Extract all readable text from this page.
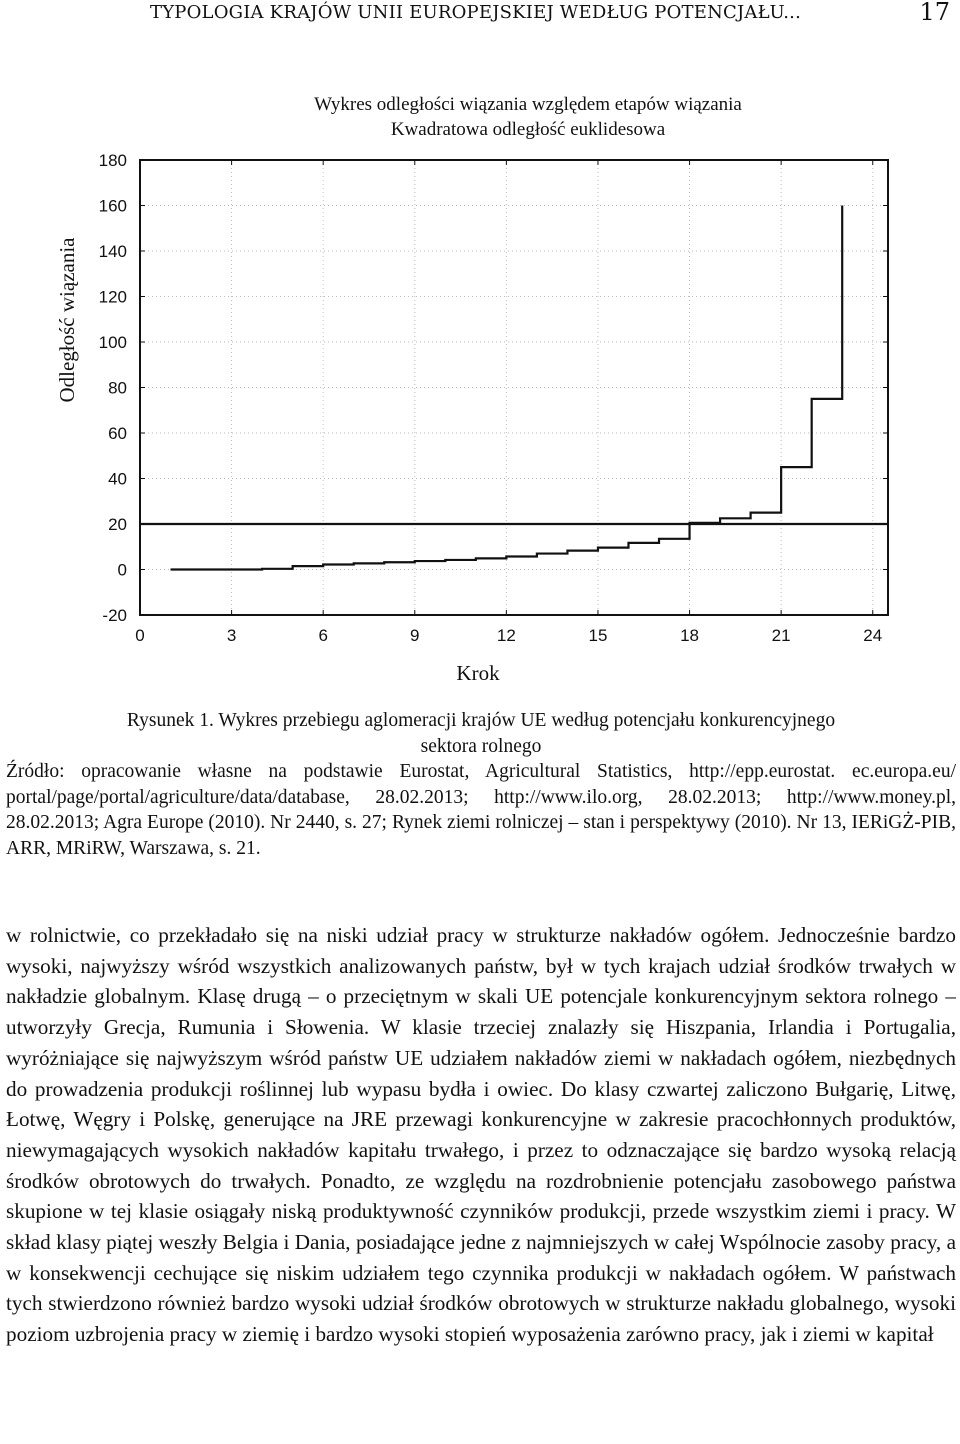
TYPOLOGIA KRAJÓW UNII EUROPEJSKIEJ WEDŁUG POTENCJAŁU...	17
Wykres odległości wiązania względem etapów wiązania
Kwadratowa odległość euklidesowa
180
160
140
120
100
80
60
40
20
0
-20
0	3	6	9	12	15	18	21	24
Krok
Odległość wiązania
Rysunek 1. Wykres przebiegu aglomeracji krajów UE według potencjału konkurencyjnego
sektora rolnego
Źródło: opracowanie własne na podstawie Eurostat, Agricultural Statistics, http://epp.eurostat. ec.europa.eu/ portal/page/portal/agriculture/data/database, 28.02.2013; http://www.ilo.org, 28.02.2013; http://www.money.pl, 28.02.2013; Agra Europe (2010). Nr 2440, s. 27; Rynek ziemi rolniczej – stan i perspektywy (2010). Nr 13, IERiGŻ-PIB, ARR, MRiRW, Warszawa, s. 21.

w rolnictwie, co przekładało się na niski udział pracy w strukturze nakładów ogółem. Jednocześnie bardzo wysoki, najwyższy wśród wszystkich analizowanych państw, był w tych krajach udział środków trwałych w nakładzie globalnym. Klasę drugą – o przeciętnym w skali UE potencjale konkurencyjnym sektora rolnego – utworzyły Grecja, Rumunia i Słowenia. W klasie trzeciej znalazły się Hiszpania, Irlandia i Portugalia, wyróżniające się najwyższym wśród państw UE udziałem nakładów ziemi w nakładach ogółem, niezbędnych do prowadzenia produkcji roślinnej lub wypasu bydła i owiec. Do klasy czwartej zaliczono Bułgarię, Litwę, Łotwę, Węgry i Polskę, generujące na JRE przewagi konkurencyjne w zakresie pracochłonnych produktów, niewymagających wysokich nakładów kapitału trwałego, i przez to odznaczające się bardzo wysoką relacją środków obrotowych do trwałych. Ponadto, ze względu na rozdrobnienie potencjału zasobowego państwa skupione w tej klasie osiągały niską produktywność czynników produkcji, przede wszystkim ziemi i pracy. W skład klasy piątej weszły Belgia i Dania, posiadające jedne z najmniejszych w całej Wspólnocie zasoby pracy, a w konsekwencji cechujące się niskim udziałem tego czynnika produkcji w nakładach ogółem. W państwach tych stwierdzono również bardzo wysoki udział środków obrotowych w strukturze nakładu globalnego, wysoki poziom uzbrojenia pracy w ziemię i bardzo wysoki stopień wyposażenia zarówno pracy, jak i ziemi w kapitał
